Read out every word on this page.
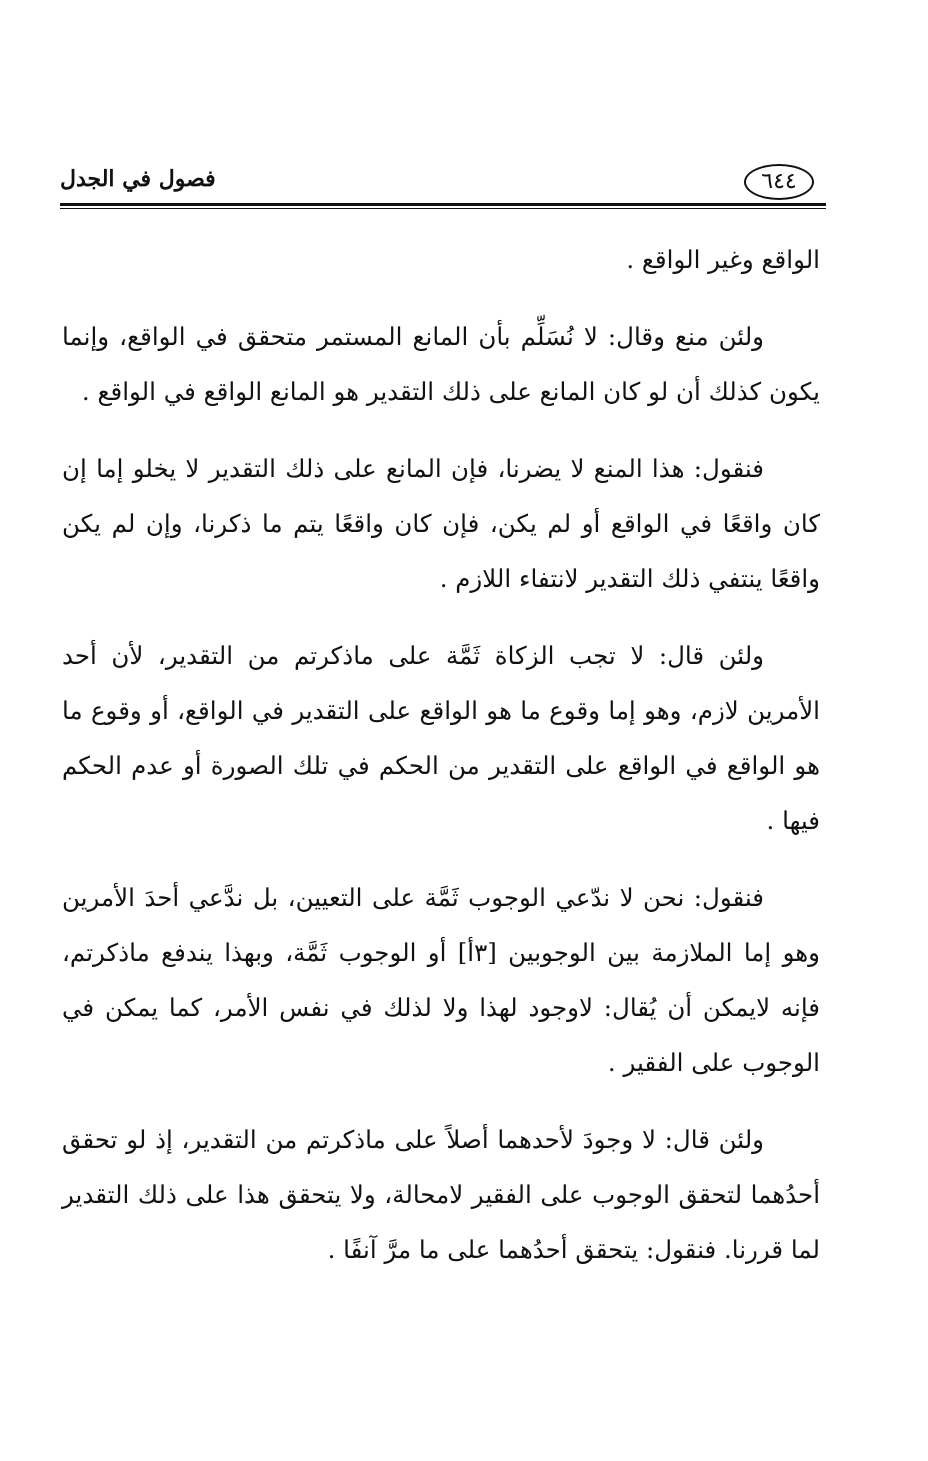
٦٤٤
فصول في الجدل

الواقع وغير الواقع .

ولئن منع وقال: لا نُسَلِّم بأن المانع المستمر متحقق في الواقع، وإنما يكون كذلك أن لو كان المانع على ذلك التقدير هو المانع الواقع في الواقع .

فنقول: هذا المنع لا يضرنا، فإن المانع على ذلك التقدير لا يخلو إما إن كان واقعًا في الواقع أو لم يكن، فإن كان واقعًا يتم ما ذكرنا، وإن لم يكن واقعًا ينتفي ذلك التقدير لانتفاء اللازم .

ولئن قال: لا تجب الزكاة ثَمَّة على ماذكرتم من التقدير، لأن أحد الأمرين لازم، وهو إما وقوع ما هو الواقع على التقدير في الواقع، أو وقوع ما هو الواقع في الواقع على التقدير من الحكم في تلك الصورة أو عدم الحكم فيها .

فنقول: نحن لا ندّعي الوجوب ثَمَّة على التعيين، بل ندَّعي أحدَ الأمرين وهو إما الملازمة بين الوجوبين [٣أ] أو الوجوب ثَمَّة، وبهذا يندفع ماذكرتم، فإنه لايمكن أن يُقال: لاوجود لهذا ولا لذلك في نفس الأمر، كما يمكن في الوجوب على الفقير .

ولئن قال: لا وجودَ لأحدهما أصلاً على ماذكرتم من التقدير، إذ لو تحقق أحدُهما لتحقق الوجوب على الفقير لامحالة، ولا يتحقق هذا على ذلك التقدير لما قررنا. فنقول: يتحقق أحدُهما على ما مرَّ آنفًا .
